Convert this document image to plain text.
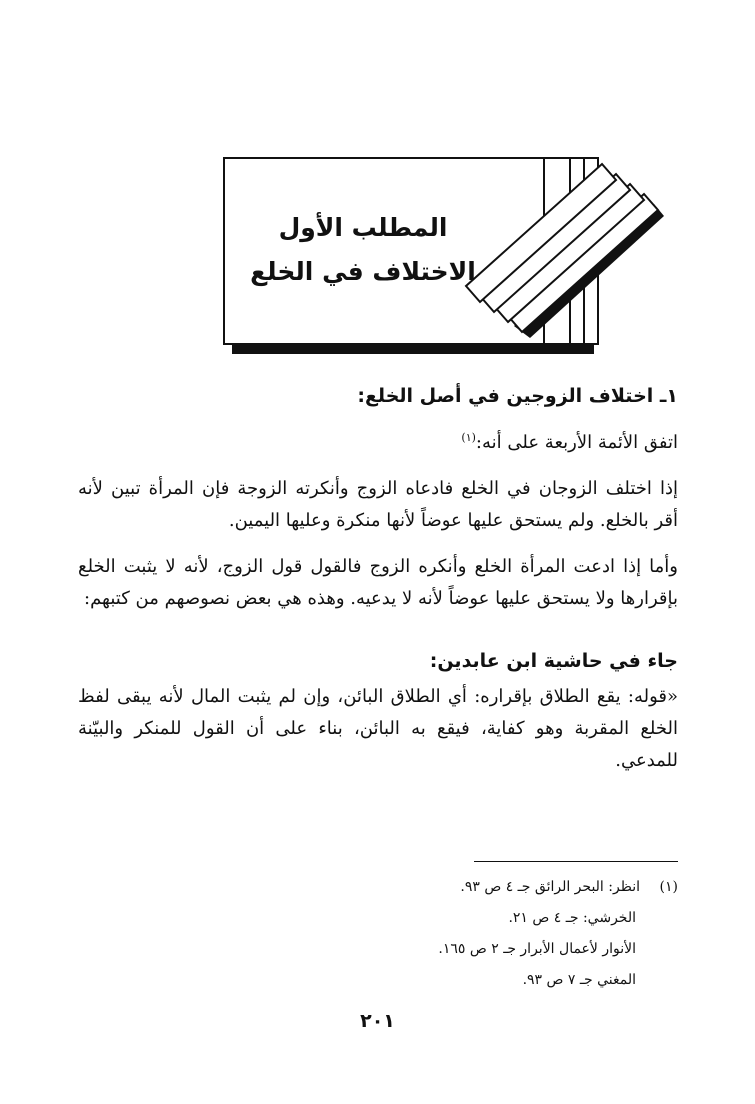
المطلب الأول
الاختلاف في الخلع

١ـ اختلاف الزوجين في أصل الخلع:

اتفق الأئمة الأربعة على أنه:$^{(١)}$

إذا اختلف الزوجان في الخلع فادعاه الزوج وأنكرته الزوجة فإن المرأة تبين لأنه أقر بالخلع. ولم يستحق عليها عوضاً لأنها منكرة وعليها اليمين.

وأما إذا ادعت المرأة الخلع وأنكره الزوج فالقول قول الزوج، لأنه لا يثبت الخلع بإقرارها ولا يستحق عليها عوضاً لأنه لا يدعيه. وهذه هي بعض نصوصهم من كتبهم:

جاء في حاشية ابن عابدين:

«قوله: يقع الطلاق بإقراره: أي الطلاق البائن، وإن لم يثبت المال لأنه يبقى لفظ الخلع المقربة وهو كفاية، فيقع به البائن، بناء على أن القول للمنكر والبيّنة للمدعي.

(١)انظر: البحر الرائق جـ ٤ ص ٩٣.

الخرشي: جـ ٤ ص ٢١.

الأنوار لأعمال الأبرار جـ ٢ ص ١٦٥.

المغني جـ ٧ ص ٩٣.

٢٠١
